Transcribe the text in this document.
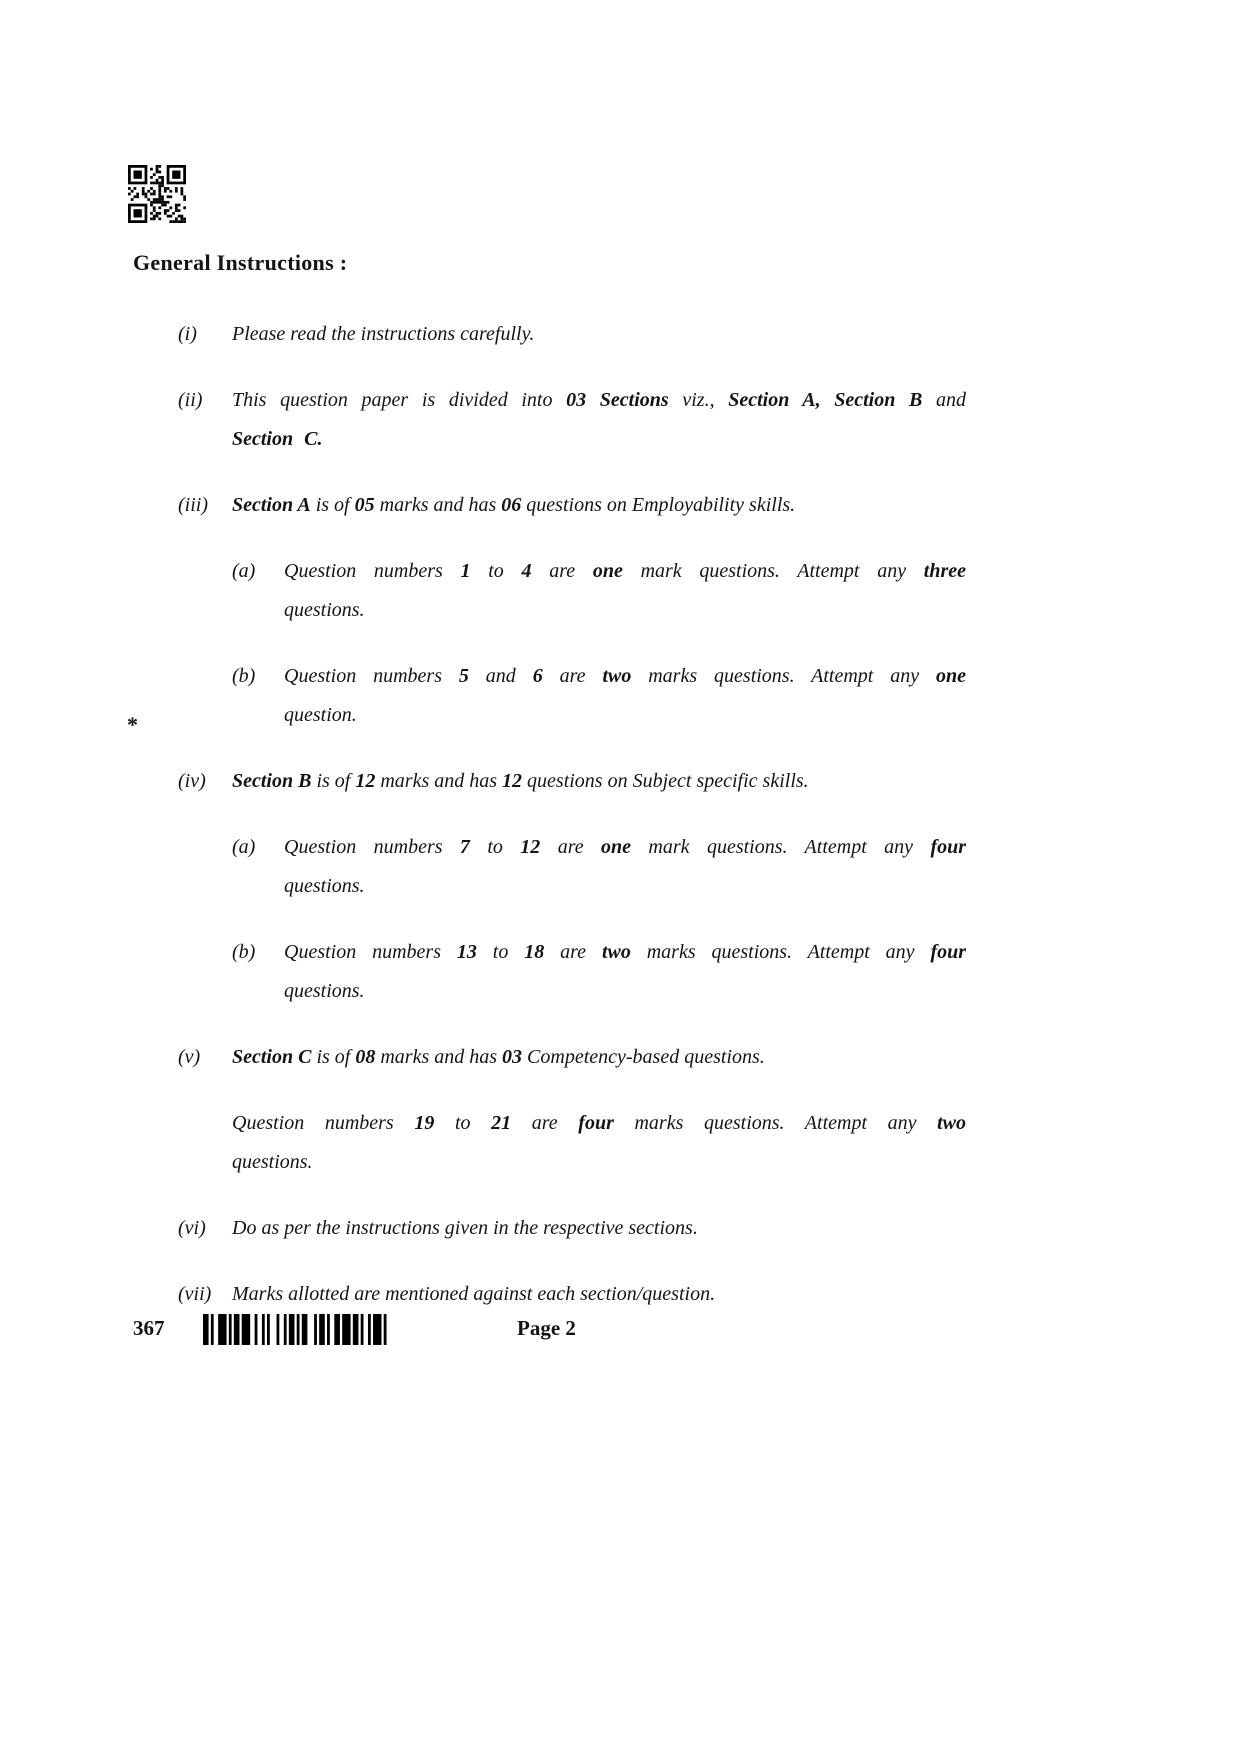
General Instructions :
*
(i)	Please read the instructions carefully.
(ii)	This question paper is divided into 03 Sections viz., Section A, Section B and Section C.
(iii)	Section A is of 05 marks and has 06 questions on Employability skills.
(a)	Question numbers 1 to 4 are one mark questions. Attempt any three questions.
(b)	Question numbers 5 and 6 are two marks questions. Attempt any one question.
(iv)	Section B is of 12 marks and has 12 questions on Subject specific skills.
(a)	Question numbers 7 to 12 are one mark questions. Attempt any four questions.
(b)	Question numbers 13 to 18 are two marks questions. Attempt any four questions.
(v)	Section C is of 08 marks and has 03 Competency-based questions.
Question numbers 19 to 21 are four marks questions. Attempt any two questions.
(vi)	Do as per the instructions given in the respective sections.
(vii)	Marks allotted are mentioned against each section/question.
367	Page 2
